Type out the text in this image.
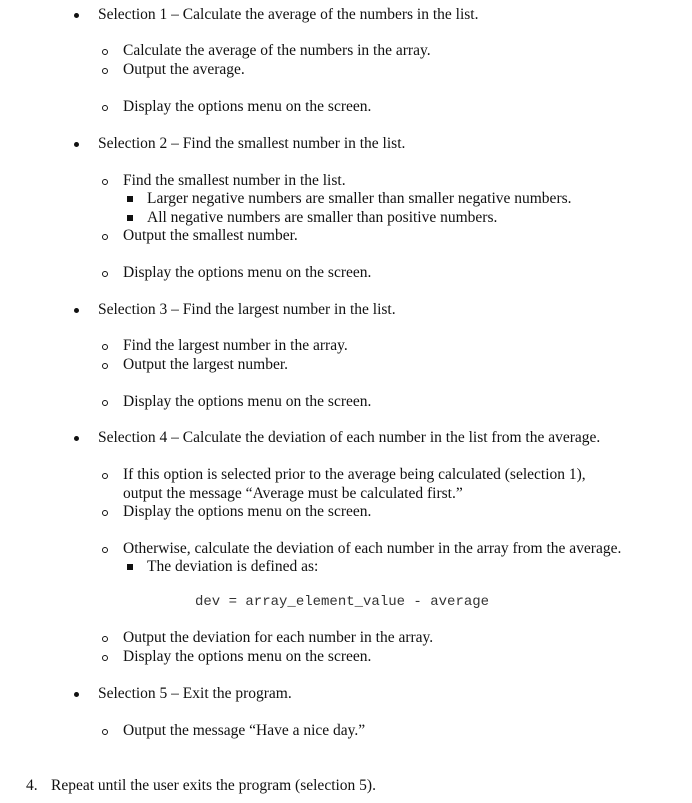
Selection 1 – Calculate the average of the numbers in the list.
Calculate the average of the numbers in the array.
Output the average.
Display the options menu on the screen.
Selection 2 – Find the smallest number in the list.
Find the smallest number in the list.
Larger negative numbers are smaller than smaller negative numbers.
All negative numbers are smaller than positive numbers.
Output the smallest number.
Display the options menu on the screen.
Selection 3 – Find the largest number in the list.
Find the largest number in the array.
Output the largest number.
Display the options menu on the screen.
Selection 4 – Calculate the deviation of each number in the list from the average.
If this option is selected prior to the average being calculated (selection 1),
output the message “Average must be calculated first.”
Display the options menu on the screen.
Otherwise, calculate the deviation of each number in the array from the average.
The deviation is defined as:
dev = array_element_value - average
Output the deviation for each number in the array.
Display the options menu on the screen.
Selection 5 – Exit the program.
Output the message “Have a nice day.”
4. Repeat until the user exits the program (selection 5).
